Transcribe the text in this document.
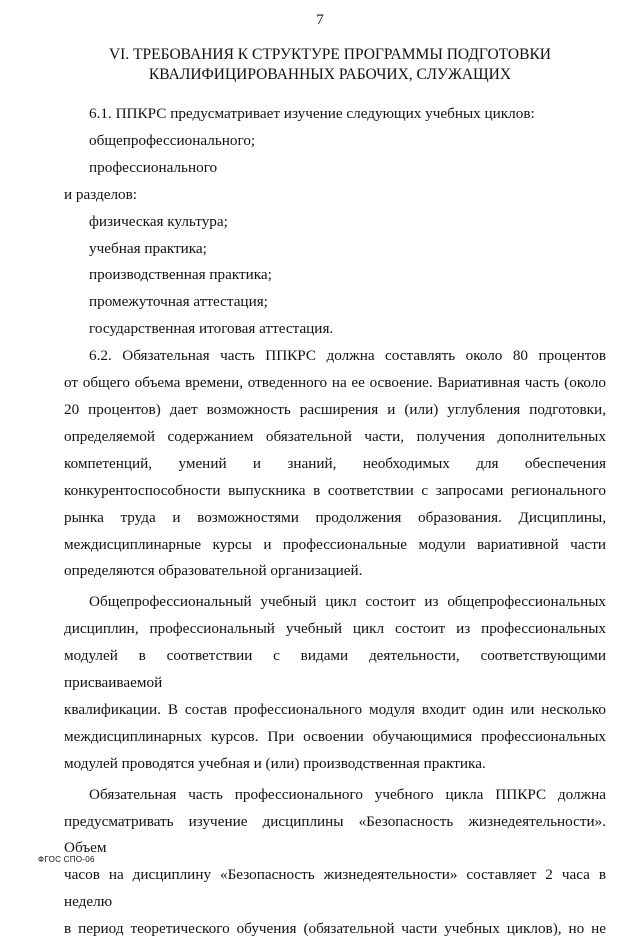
7
VI. ТРЕБОВАНИЯ К СТРУКТУРЕ ПРОГРАММЫ ПОДГОТОВКИ
КВАЛИФИЦИРОВАННЫХ РАБОЧИХ, СЛУЖАЩИХ
6.1. ППКРС предусматривает изучение следующих учебных циклов:
общепрофессионального;
профессионального
и разделов:
физическая культура;
учебная практика;
производственная практика;
промежуточная аттестация;
государственная итоговая аттестация.
6.2. Обязательная часть ППКРС должна составлять около 80 процентов
от общего объема времени, отведенного на ее освоение. Вариативная часть (около
20 процентов) дает возможность расширения и (или) углубления подготовки,
определяемой содержанием обязательной части, получения дополнительных
компетенций, умений и знаний, необходимых для обеспечения
конкурентоспособности выпускника в соответствии с запросами регионального
рынка труда и возможностями продолжения образования. Дисциплины,
междисциплинарные курсы и профессиональные модули вариативной части
определяются образовательной организацией.
Общепрофессиональный учебный цикл состоит из общепрофессиональных
дисциплин, профессиональный учебный цикл состоит из профессиональных
модулей в соответствии с видами деятельности, соответствующими присваиваемой
квалификации. В состав профессионального модуля входит один или несколько
междисциплинарных курсов. При освоении обучающимися профессиональных
модулей проводятся учебная и (или) производственная практика.
Обязательная часть профессионального учебного цикла ППКРС должна
предусматривать изучение дисциплины «Безопасность жизнедеятельности». Объем
часов на дисциплину «Безопасность жизнедеятельности» составляет 2 часа в неделю
в период теоретического обучения (обязательной части учебных циклов), но не
ФГОС СПО-06
